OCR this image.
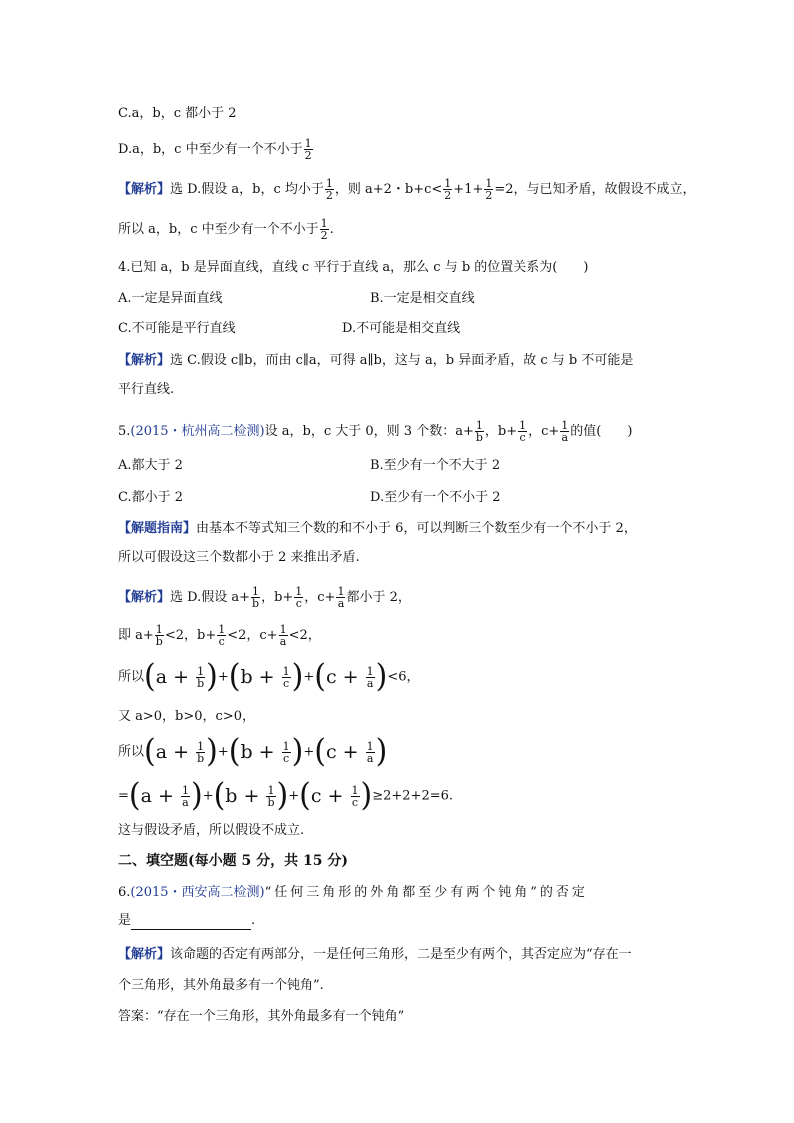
C.a，b，c 都小于 2
D.a，b，c 中至少有一个不小于 $\frac{1}{2}$
【解析】选 D.假设 a，b，c 均小于 $\frac{1}{2}$ ，则 a+2・$b+c< \frac{1}{2} +1+ \frac{1}{2} =2$，与已知矛盾，故假设不成立，
所以 a，b，c 中至少有一个不小于 $\frac{1}{2}$ .
4.已知 a，b 是异面直线，直线 c 平行于直线 a，那么 c 与 b 的位置关系为(　　)
A.一定是异面直线	B.一定是相交直线
C.不可能是平行直线	D.不可能是相交直线
【解析】选 C.假设 c∥b，而由 c∥a，可得 a∥b，这与 a，b 异面矛盾，故 c 与 b 不可能是
平行直线.
5.(2015・杭州高二检测)设 a，b，c 大于 0，则 3 个数：$a+ \frac{1}{b}$ ，$b+ \frac{1}{c}$ ，$c+ \frac{1}{a}$ 的值(　　)
A.都大于 2	B.至少有一个不大于 2
C.都小于 2	D.至少有一个不小于 2
【解题指南】由基本不等式知三个数的和不小于 6，可以判断三个数至少有一个不小于 2，
所以可假设这三个数都小于 2 来推出矛盾.
【解析】选 D.假设 $a+ \frac{1}{b}$ ，$b+ \frac{1}{c}$ ，$c+ \frac{1}{a}$ 都小于 2，
即 $a+ \frac{1}{b} <2$，$b+ \frac{1}{c} <2$，$c+ \frac{1}{a} <2$，
所以$(a + \frac{1}{b} )+(b + \frac{1}{c} )+(c + \frac{1}{a} )<6$，
又 a>0，b>0，c>0，
所以$(a + \frac{1}{b} )+(b + \frac{1}{c} )+(c + \frac{1}{a}$ )
$=(a + \frac{1}{a} )+(b + \frac{1}{b} )+(c + \frac{1}{c} )\ge 2+2+2=6$.
这与假设矛盾，所以假设不成立.
二、填空题(每小题 5 分，共 15 分)
6.(2015・西安高二检测)“任何三角形的外角都至少有两个钝角”的否定
是	.
【解析】该命题的否定有两部分，一是任何三角形，二是至少有两个，其否定应为“存在一
个三角形，其外角最多有一个钝角”.
答案：“存在一个三角形，其外角最多有一个钝角”
